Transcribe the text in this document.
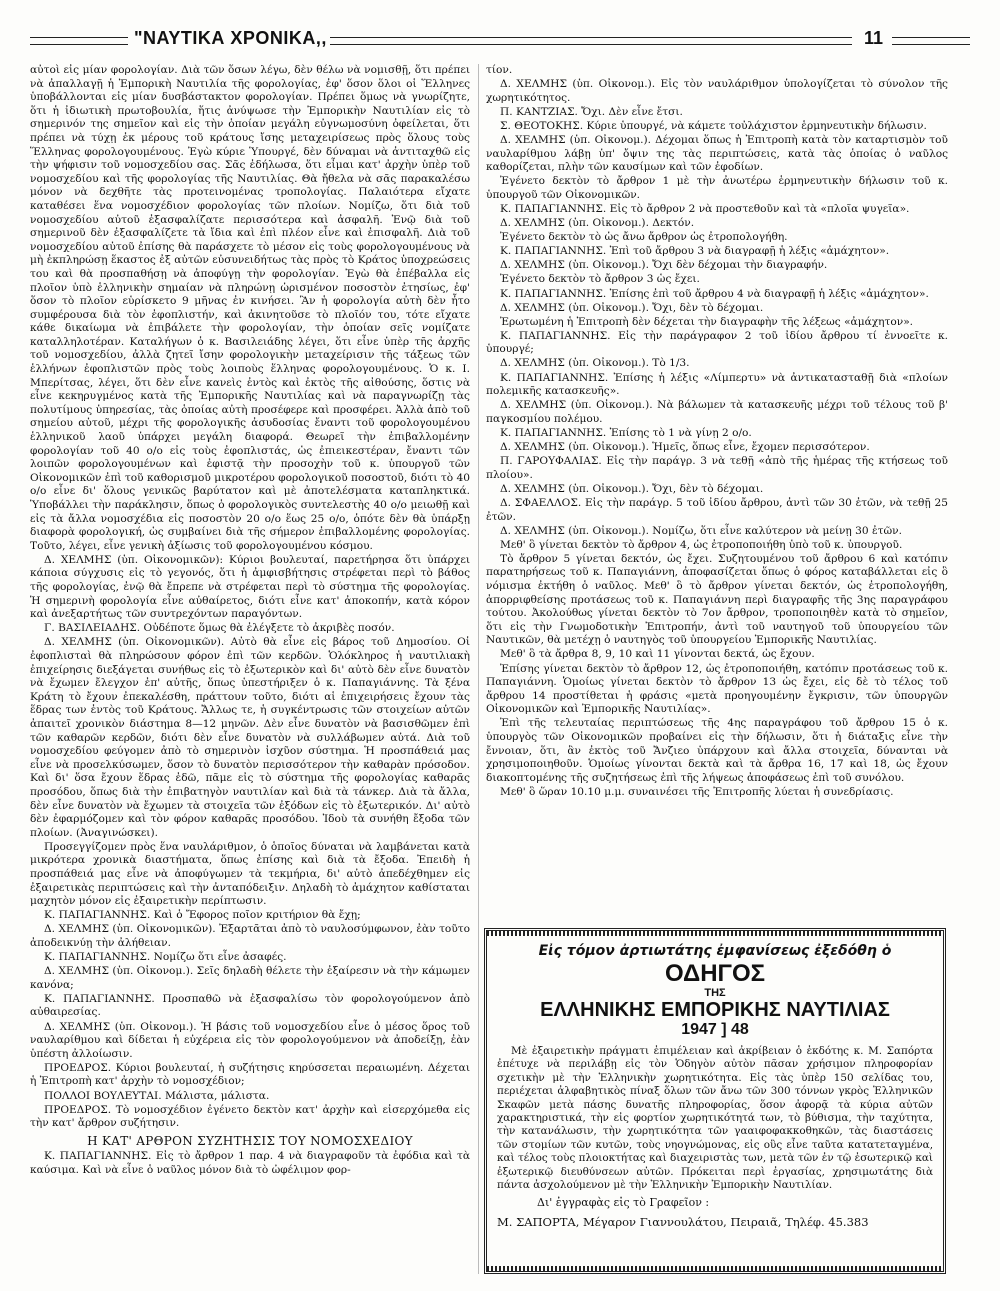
"ΝΑΥΤΙΚΑ ΧΡΟΝΙΚΑ,,	11

αὐτοὶ εἰς μίαν φορολογίαν. Διὰ τῶν ὅσων λέγω, δὲν θέλω νὰ νομισθῇ, ὅτι πρέπει νὰ ἀπαλλαγῇ ἡ Ἐμπορικὴ Ναυτιλία τῆς φορολογίας, ἐφ' ὅσον ὅλοι οἱ Ἕλληνες ὑποβάλλονται εἰς μίαν δυσβάστακτον φορολογίαν. Πρέπει ὅμως νὰ γνωρίζητε, ὅτι ἡ ἰδιωτικὴ πρωτοβουλία, ἥτις ἀνύψωσε τὴν Ἐμπορικὴν Ναυτιλίαν εἰς τὸ σημερινόν της σημεῖον καὶ εἰς τὴν ὁποίαν μεγάλη εὐγνωμοσύνη ὀφείλεται, ὅτι πρέπει νὰ τύχῃ ἐκ μέρους τοῦ κράτους ἴσης μεταχειρίσεως πρὸς ὅλους τοὺς Ἕλληνας φορολογουμένους. Ἐγὼ κύριε Ὑπουργέ, δὲν δύναμαι νὰ ἀντιταχθῶ εἰς τὴν ψήφισιν τοῦ νομοσχεδίου σας. Σᾶς ἐδήλωσα, ὅτι εἶμαι κατ' ἀρχὴν ὑπὲρ τοῦ νομοσχεδίου καὶ τῆς φορολογίας τῆς Ναυτιλίας. Θὰ ἤθελα νὰ σᾶς παρακαλέσω μόνον νὰ δεχθῆτε τὰς προτεινομένας τροπολογίας. Παλαιότερα εἴχατε καταθέσει ἕνα νομοσχέδιον φορολογίας τῶν πλοίων. Νομίζω, ὅτι διὰ τοῦ νομοσχεδίου αὐτοῦ ἐξασφαλίζατε περισσότερα καὶ ἀσφαλῆ. Ἐνῷ διὰ τοῦ σημερινοῦ δὲν ἐξασφαλίζετε τὰ ἴδια καὶ ἐπὶ πλέον εἶνε καὶ ἐπισφαλῆ. Διὰ τοῦ νομοσχεδίου αὐτοῦ ἐπίσης θὰ παράσχετε τὸ μέσον εἰς τοὺς φορολογουμένους νὰ μὴ ἐκπληρώσῃ ἕκαστος ἐξ αὐτῶν εὐσυνειδήτως τὰς πρὸς τὸ Κράτος ὑποχρεώσεις του καὶ θὰ προσπαθήσῃ νὰ ἀποφύγῃ τὴν φορολογίαν. Ἐγὼ θὰ ἐπέβαλλα εἰς πλοῖον ὑπὸ ἑλληνικὴν σημαίαν νὰ πληρώνῃ ὡρισμένον ποσοστὸν ἐτησίως, ἐφ' ὅσον τὸ πλοῖον εὑρίσκετο 9 μῆνας ἐν κινήσει. Ἂν ἡ φορολογία αὐτὴ δὲν ἦτο συμφέρουσα διὰ τὸν ἐφοπλιστήν, καὶ ἀκινητοῦσε τὸ πλοῖόν του, τότε εἴχατε κάθε δικαίωμα νὰ ἐπιβάλετε τὴν φορολογίαν, τὴν ὁποίαν σεῖς νομίζατε καταλληλοτέραν. Καταλήγων ὁ κ. Βασιλειάδης λέγει, ὅτι εἶνε ὑπὲρ τῆς ἀρχῆς τοῦ νομοσχεδίου, ἀλλὰ ζητεῖ ἴσην φορολογικὴν μεταχείρισιν τῆς τάξεως τῶν ἑλλήνων ἐφοπλιστῶν πρὸς τοὺς λοιποὺς ἕλληνας φορολογουμένους. Ὁ κ. Ι. Μπερίτσας, λέγει, ὅτι δὲν εἶνε κανεὶς ἐντὸς καὶ ἐκτὸς τῆς αἰθούσης, ὅστις νὰ εἶνε κεκηρυγμένος κατὰ τῆς Ἐμπορικῆς Ναυτιλίας καὶ νὰ παραγνωρίζῃ τὰς πολυτίμους ὑπηρεσίας, τὰς ὁποίας αὐτὴ προσέφερε καὶ προσφέρει. Ἀλλὰ ἀπὸ τοῦ σημείου αὐτοῦ, μέχρι τῆς φορολογικῆς ἀσυδοσίας ἔναντι τοῦ φορολογουμένου ἑλληνικοῦ λαοῦ ὑπάρχει μεγάλη διαφορά. Θεωρεῖ τὴν ἐπιβαλλομένην φορολογίαν τοῦ 40 ο/ο εἰς τοὺς ἐφοπλιστάς, ὡς ἐπιεικεστέραν, ἔναντι τῶν λοιπῶν φορολογουμένων καὶ ἐφιστᾷ τὴν προσοχὴν τοῦ κ. ὑπουργοῦ τῶν Οἰκονομικῶν ἐπὶ τοῦ καθορισμοῦ μικροτέρου φορολογικοῦ ποσοστοῦ, διότι τὸ 40 ο/ο εἶνε δι' ὅλους γενικῶς βαρύτατον καὶ μὲ ἀποτελέσματα καταπληκτικά. Ὑποβάλλει τὴν παράκλησιν, ὅπως ὁ φορολογικὸς συντελεστὴς 40 ο/ο μειωθῇ καὶ εἰς τὰ ἄλλα νομοσχέδια εἰς ποσοστὸν 20 ο/ο ἕως 25 ο/ο, ὁπότε δὲν θὰ ὑπάρξῃ διαφορὰ φορολογική, ὡς συμβαίνει διὰ τῆς σήμερον ἐπιβαλλομένης φορολογίας. Τοῦτο, λέγει, εἶνε γενικὴ ἀξίωσις τοῦ φορολογουμένου κόσμου.

Δ. ΧΕΛΜΗΣ (ὑπ. Οἰκονομικῶν): Κύριοι βουλευταί, παρετήρησα ὅτι ὑπάρχει κάποια σύγχυσις εἰς τὸ γεγονός, ὅτι ἡ ἀμφισβήτησις στρέφεται περὶ τὸ βάθος τῆς φορολογίας, ἐνῷ θὰ ἔπρεπε νὰ στρέφεται περὶ τὸ σύστημα τῆς φορολογίας. Ἡ σημερινὴ φορολογία εἶνε αὐθαίρετος, διότι εἶνε κατ' ἀποκοπήν, κατὰ κόρον καὶ ἀνεξαρτήτως τῶν συντρεχόντων παραγόντων.

Γ. ΒΑΣΙΛΕΙΑΔΗΣ. Οὐδέποτε ὅμως θὰ ἐλέγξετε τὸ ἀκριβὲς ποσόν.

Δ. ΧΕΛΜΗΣ (ὑπ. Οἰκονομικῶν). Αὐτὸ θὰ εἶνε εἰς βάρος τοῦ Δημοσίου. Οἱ ἐφοπλισταὶ θὰ πληρώσουν φόρον ἐπὶ τῶν κερδῶν. Ὁλόκληρος ἡ ναυτιλιακὴ ἐπιχείρησις διεξάγεται συνήθως εἰς τὸ ἐξωτερικὸν καὶ δι' αὐτὸ δὲν εἶνε δυνατὸν νὰ ἔχωμεν ἔλεγχον ἐπ' αὐτῆς, ὅπως ὑπεστήριξεν ὁ κ. Παπαγιάννης. Τὰ ξένα Κράτη τὸ ἔχουν ἐπεκαλέσθη, πράττουν τοῦτο, διότι αἱ ἐπιχειρήσεις ἔχουν τὰς ἕδρας των ἐντὸς τοῦ Κράτους. Ἄλλως τε, ἡ συγκέντρωσις τῶν στοιχείων αὐτῶν ἀπαιτεῖ χρονικὸν διάστημα 8—12 μηνῶν. Δὲν εἶνε δυνατὸν νὰ βασισθῶμεν ἐπὶ τῶν καθαρῶν κερδῶν, διότι δὲν εἶνε δυνατὸν νὰ συλλάβωμεν αὐτά. Διὰ τοῦ νομοσχεδίου φεύγομεν ἀπὸ τὸ σημερινὸν ἰσχῦον σύστημα. Ἡ προσπάθειά μας εἶνε νὰ προσελκύσωμεν, ὅσον τὸ δυνατὸν περισσότερον τὴν καθαρὰν πρόσοδον. Καὶ δι' ὅσα ἔχουν ἕδρας ἐδῶ, πᾶμε εἰς τὸ σύστημα τῆς φορολογίας καθαρᾶς προσόδου, ὅπως διὰ τὴν ἐπιβατηγὸν ναυτιλίαν καὶ διὰ τὰ τάνκερ. Διὰ τὰ ἄλλα, δὲν εἶνε δυνατὸν νὰ ἔχωμεν τὰ στοιχεῖα τῶν ἐξόδων εἰς τὸ ἐξωτερικόν. Δι' αὐτὸ δὲν ἐφαρμόζομεν καὶ τὸν φόρον καθαρᾶς προσόδου. Ἰδοὺ τὰ συνήθη ἔξοδα τῶν πλοίων. (Ἀναγινώσκει).

Προσεγγίζομεν πρὸς ἕνα ναυλάριθμον, ὁ ὁποῖος δύναται νὰ λαμβάνεται κατὰ μικρότερα χρονικὰ διαστήματα, ὅπως ἐπίσης καὶ διὰ τὰ ἔξοδα. Ἐπειδὴ ἡ προσπάθειά μας εἶνε νὰ ἀποφύγωμεν τὰ τεκμήρια, δι' αὐτὸ ἀπεδέχθημεν εἰς ἐξαιρετικὰς περιπτώσεις καὶ τὴν ἀνταπόδειξιν. Δηλαδὴ τὸ ἀμάχητον καθίσταται μαχητὸν μόνον εἰς ἐξαιρετικὴν περίπτωσιν.

Κ. ΠΑΠΑΓΙΑΝΝΗΣ. Καὶ ὁ Ἔφορος ποῖον κριτήριον θὰ ἔχῃ;

Δ. ΧΕΛΜΗΣ (ὑπ. Οἰκονομικῶν). Ἐξαρτᾶται ἀπὸ τὸ ναυλοσύμφωνον, ἐὰν τοῦτο ἀποδεικνύῃ τὴν ἀλήθειαν.

Κ. ΠΑΠΑΓΙΑΝΝΗΣ. Νομίζω ὅτι εἶνε ἀσαφές.

Δ. ΧΕΛΜΗΣ (ὑπ. Οἰκονομ.). Σεῖς δηλαδὴ θέλετε τὴν ἐξαίρεσιν νὰ τὴν κάμωμεν κανόνα;

Κ. ΠΑΠΑΓΙΑΝΝΗΣ. Προσπαθῶ νὰ ἐξασφαλίσω τὸν φορολογούμενον ἀπὸ αὐθαιρεσίας.

Δ. ΧΕΛΜΗΣ (ὑπ. Οἰκονομ.). Ἡ βάσις τοῦ νομοσχεδίου εἶνε ὁ μέσος ὅρος τοῦ ναυλαρίθμου καὶ δίδεται ἡ εὐχέρεια εἰς τὸν φορολογούμενον νὰ ἀποδείξῃ, ἐὰν ὑπέστη ἀλλοίωσιν.

ΠΡΟΕΔΡΟΣ. Κύριοι βουλευταί, ἡ συζήτησις κηρύσσεται περαιωμένη. Δέχεται ἡ Ἐπιτροπὴ κατ' ἀρχὴν τὸ νομοσχέδιον;

ΠΟΛΛΟΙ ΒΟΥΛΕΥΤΑΙ. Μάλιστα, μάλιστα.

ΠΡΟΕΔΡΟΣ. Τὸ νομοσχέδιον ἐγένετο δεκτὸν κατ' ἀρχὴν καὶ εἰσερχόμεθα εἰς τὴν κατ' ἄρθρον συζήτησιν.

Η ΚΑΤ' ΑΡΘΡΟΝ ΣΥΖΗΤΗΣΙΣ ΤΟΥ ΝΟΜΟΣΧΕΔΙΟΥ

Κ. ΠΑΠΑΓΙΑΝΝΗΣ. Εἰς τὸ ἄρθρον 1 παρ. 4 νὰ διαγραφοῦν τὰ ἐφόδια καὶ τὰ καύσιμα. Καὶ νὰ εἶνε ὁ ναῦλος μόνον διὰ τὸ ὠφέλιμον φορ-

τίον.

Δ. ΧΕΛΜΗΣ (ὑπ. Οἰκονομ.). Εἰς τὸν ναυλάριθμον ὑπολογίζεται τὸ σύνολον τῆς χωρητικότητος.

Π. ΚΑΝΤΖΙΑΣ. Ὄχι. Δὲν εἶνε ἔτσι.

Σ. ΘΕΟΤΟΚΗΣ. Κύριε ὑπουργέ, νὰ κάμετε τοὐλάχιστον ἑρμηνευτικὴν δήλωσιν.

Δ. ΧΕΛΜΗΣ (ὑπ. Οἰκονομ.). Δέχομαι ὅπως ἡ Ἐπιτροπὴ κατὰ τὸν καταρτισμὸν τοῦ ναυλαρίθμου λάβῃ ὑπ' ὄψιν της τὰς περιπτώσεις, κατὰ τὰς ὁποίας ὁ ναῦλος καθορίζεται, πλὴν τῶν καυσίμων καὶ τῶν ἐφοδίων.

Ἐγένετο δεκτὸν τὸ ἄρθρον 1 μὲ τὴν ἀνωτέρω ἑρμηνευτικὴν δήλωσιν τοῦ κ. ὑπουργοῦ τῶν Οἰκονομικῶν.

Κ. ΠΑΠΑΓΙΑΝΝΗΣ. Εἰς τὸ ἄρθρον 2 νὰ προστεθοῦν καὶ τὰ «πλοῖα ψυγεῖα».

Δ. ΧΕΛΜΗΣ (ὑπ. Οἰκονομ.). Δεκτόν.

Ἐγένετο δεκτὸν τὸ ὡς ἄνω ἄρθρον ὡς ἐτροπολογήθη.

Κ. ΠΑΠΑΓΙΑΝΝΗΣ. Ἐπὶ τοῦ ἄρθρου 3 νὰ διαγραφῇ ἡ λέξις «ἀμάχητον».

Δ. ΧΕΛΜΗΣ (ὑπ. Οἰκονομ.). Ὄχι δὲν δέχομαι τὴν διαγραφήν.

Ἐγένετο δεκτὸν τὸ ἄρθρον 3 ὡς ἔχει.

Κ. ΠΑΠΑΓΙΑΝΝΗΣ. Ἐπίσης ἐπὶ τοῦ ἄρθρου 4 νὰ διαγραφῇ ἡ λέξις «ἀμάχητον».

Δ. ΧΕΛΜΗΣ (ὑπ. Οἰκονομ.). Ὄχι, δὲν τὸ δέχομαι.

Ἐρωτωμένη ἡ Ἐπιτροπὴ δὲν δέχεται τὴν διαγραφὴν τῆς λέξεως «ἀμάχητον».

Κ. ΠΑΠΑΓΙΑΝΝΗΣ. Εἰς τὴν παράγραφον 2 τοῦ ἰδίου ἄρθρου τί ἐννοεῖτε κ. ὑπουργέ;

Δ. ΧΕΛΜΗΣ (ὑπ. Οἰκονομ.). Τὸ 1/3.

Κ. ΠΑΠΑΓΙΑΝΝΗΣ. Ἐπίσης ἡ λέξις «Λίμπερτυ» νὰ ἀντικατασταθῇ διὰ «πλοίων πολεμικῆς κατασκευῆς».

Δ. ΧΕΛΜΗΣ (ὑπ. Οἰκονομ.). Νὰ βάλωμεν τὰ κατασκευῆς μέχρι τοῦ τέλους τοῦ β' παγκοσμίου πολέμου.

Κ. ΠΑΠΑΓΙΑΝΝΗΣ. Ἐπίσης τὸ 1 νὰ γίνῃ 2 ο/ο.

Δ. ΧΕΛΜΗΣ (ὑπ. Οἰκονομ.). Ἡμεῖς, ὅπως εἶνε, ἔχομεν περισσότερον.

Π. ΓΑΡΟΥΦΑΛΙΑΣ. Εἰς τὴν παράγρ. 3 νὰ τεθῇ «ἀπὸ τῆς ἡμέρας τῆς κτήσεως τοῦ πλοίου».

Δ. ΧΕΛΜΗΣ (ὑπ. Οἰκονομ.). Ὄχι, δὲν τὸ δέχομαι.

Δ. ΣΦΑΕΛΛΟΣ. Εἰς τὴν παράγρ. 5 τοῦ ἰδίου ἄρθρου, ἀντὶ τῶν 30 ἐτῶν, νὰ τεθῇ 25 ἐτῶν.

Δ. ΧΕΛΜΗΣ (ὑπ. Οἰκονομ.). Νομίζω, ὅτι εἶνε καλύτερον νὰ μείνῃ 30 ἐτῶν.

Μεθ' ὃ γίνεται δεκτὸν τὸ ἄρθρον 4, ὡς ἐτροποποιήθη ὑπὸ τοῦ κ. ὑπουργοῦ.

Τὸ ἄρθρον 5 γίνεται δεκτόν, ὡς ἔχει. Συζητουμένου τοῦ ἄρθρου 6 καὶ κατόπιν παρατηρήσεως τοῦ κ. Παπαγιάννη, ἀποφασίζεται ὅπως ὁ φόρος καταβάλλεται εἰς ὃ νόμισμα ἐκτήθη ὁ ναῦλος. Μεθ' ὃ τὸ ἄρθρον γίνεται δεκτόν, ὡς ἐτροπολογήθη, ἀπορριφθείσης προτάσεως τοῦ κ. Παπαγιάννη περὶ διαγραφῆς τῆς 3ης παραγράφου τούτου. Ἀκολούθως γίνεται δεκτὸν τὸ 7ον ἄρθρον, τροποποιηθὲν κατὰ τὸ σημεῖον, ὅτι εἰς τὴν Γνωμοδοτικὴν Ἐπιτροπήν, ἀντὶ τοῦ ναυτηγοῦ τοῦ ὑπουργείου τῶν Ναυτικῶν, θὰ μετέχῃ ὁ ναυτηγὸς τοῦ ὑπουργείου Ἐμπορικῆς Ναυτιλίας.

Μεθ' ὃ τὰ ἄρθρα 8, 9, 10 καὶ 11 γίνονται δεκτά, ὡς ἔχουν.

Ἐπίσης γίνεται δεκτὸν τὸ ἄρθρον 12, ὡς ἐτροποποιήθη, κατόπιν προτάσεως τοῦ κ. Παπαγιάννη. Ὁμοίως γίνεται δεκτὸν τὸ ἄρθρον 13 ὡς ἔχει, εἰς δὲ τὸ τέλος τοῦ ἄρθρου 14 προστίθεται ἡ φράσις «μετὰ προηγουμένην ἔγκρισιν, τῶν ὑπουργῶν Οἰκονομικῶν καὶ Ἐμπορικῆς Ναυτιλίας».

Ἐπὶ τῆς τελευταίας περιπτώσεως τῆς 4ης παραγράφου τοῦ ἄρθρου 15 ὁ κ. ὑπουργὸς τῶν Οἰκονομικῶν προβαίνει εἰς τὴν δήλωσιν, ὅτι ἡ διάταξις εἶνε τὴν ἔννοιαν, ὅτι, ἂν ἐκτὸς τοῦ Ἄνζιεο ὑπάρχουν καὶ ἄλλα στοιχεῖα, δύνανται νὰ χρησιμοποιηθοῦν. Ὁμοίως γίνονται δεκτὰ καὶ τὰ ἄρθρα 16, 17 καὶ 18, ὡς ἔχουν διακοπτομένης τῆς συζητήσεως ἐπὶ τῆς λήψεως ἀποφάσεως ἐπὶ τοῦ συνόλου.

Μεθ' ὃ ὥραν 10.10 μ.μ. συναινέσει τῆς Ἐπιτροπῆς λύεται ἡ συνεδρίασις.

Εἰς τόμον ἀρτιωτάτης ἐμφανίσεως ἐξεδόθη ὁ
ΟΔΗΓΟΣ
ΤΗΣ
ΕΛΛΗΝΙΚΗΣ ΕΜΠΟΡΙΚΗΣ ΝΑΥΤΙΛΙΑΣ
1947 ] 48

Μὲ ἐξαιρετικὴν πράγματι ἐπιμέλειαν καὶ ἀκρίβειαν ὁ ἐκδότης κ. Μ. Σαπόρτα ἐπέτυχε νὰ περιλάβῃ εἰς τὸν Ὁδηγὸν αὐτὸν πᾶσαν χρήσιμον πληροφορίαν σχετικὴν μὲ τὴν Ἑλληνικὴν χωρητικότητα. Εἰς τὰς ὑπὲρ 150 σελίδας του, περιέχεται ἀλφαβητικὸς πίναξ ὅλων τῶν ἄνω τῶν 300 τόννων γκρὸς Ἑλληνικῶν Σκαφῶν μετὰ πάσης δυνατῆς πληροφορίας, ὅσον ἀφορᾷ τὰ κύρια αὐτῶν χαρακτηριστικά, τὴν εἰς φορτίον χωρητικότητά των, τὸ βύθισμα, τὴν ταχύτητα, τὴν κατανάλωσιν, τὴν χωρητικότητα τῶν γααιφοφακκοθηκῶν, τὰς διαστάσεις τῶν στομίων τῶν κυτῶν, τοὺς νηογνώμονας, εἰς οὓς εἶνε ταῦτα κατατεταγμένα, καὶ τέλος τοὺς πλοιοκτήτας καὶ διαχειριστὰς των, μετὰ τῶν ἐν τῷ ἐσωτερικῷ καὶ ἐξωτερικῷ διευθύνσεων αὐτῶν. Πρόκειται περὶ ἐργασίας, χρησιμωτάτης διὰ πάντα ἀσχολούμενον μὲ τὴν Ἑλληνικὴν Ἐμπορικὴν Ναυτιλίαν.

Δι' ἐγγραφὰς εἰς τὸ Γραφεῖον :
Μ. ΣΑΠΟΡΤΑ, Μέγαρον Γιαννουλάτου, Πειραιᾶ, Τηλέφ. 45.383
